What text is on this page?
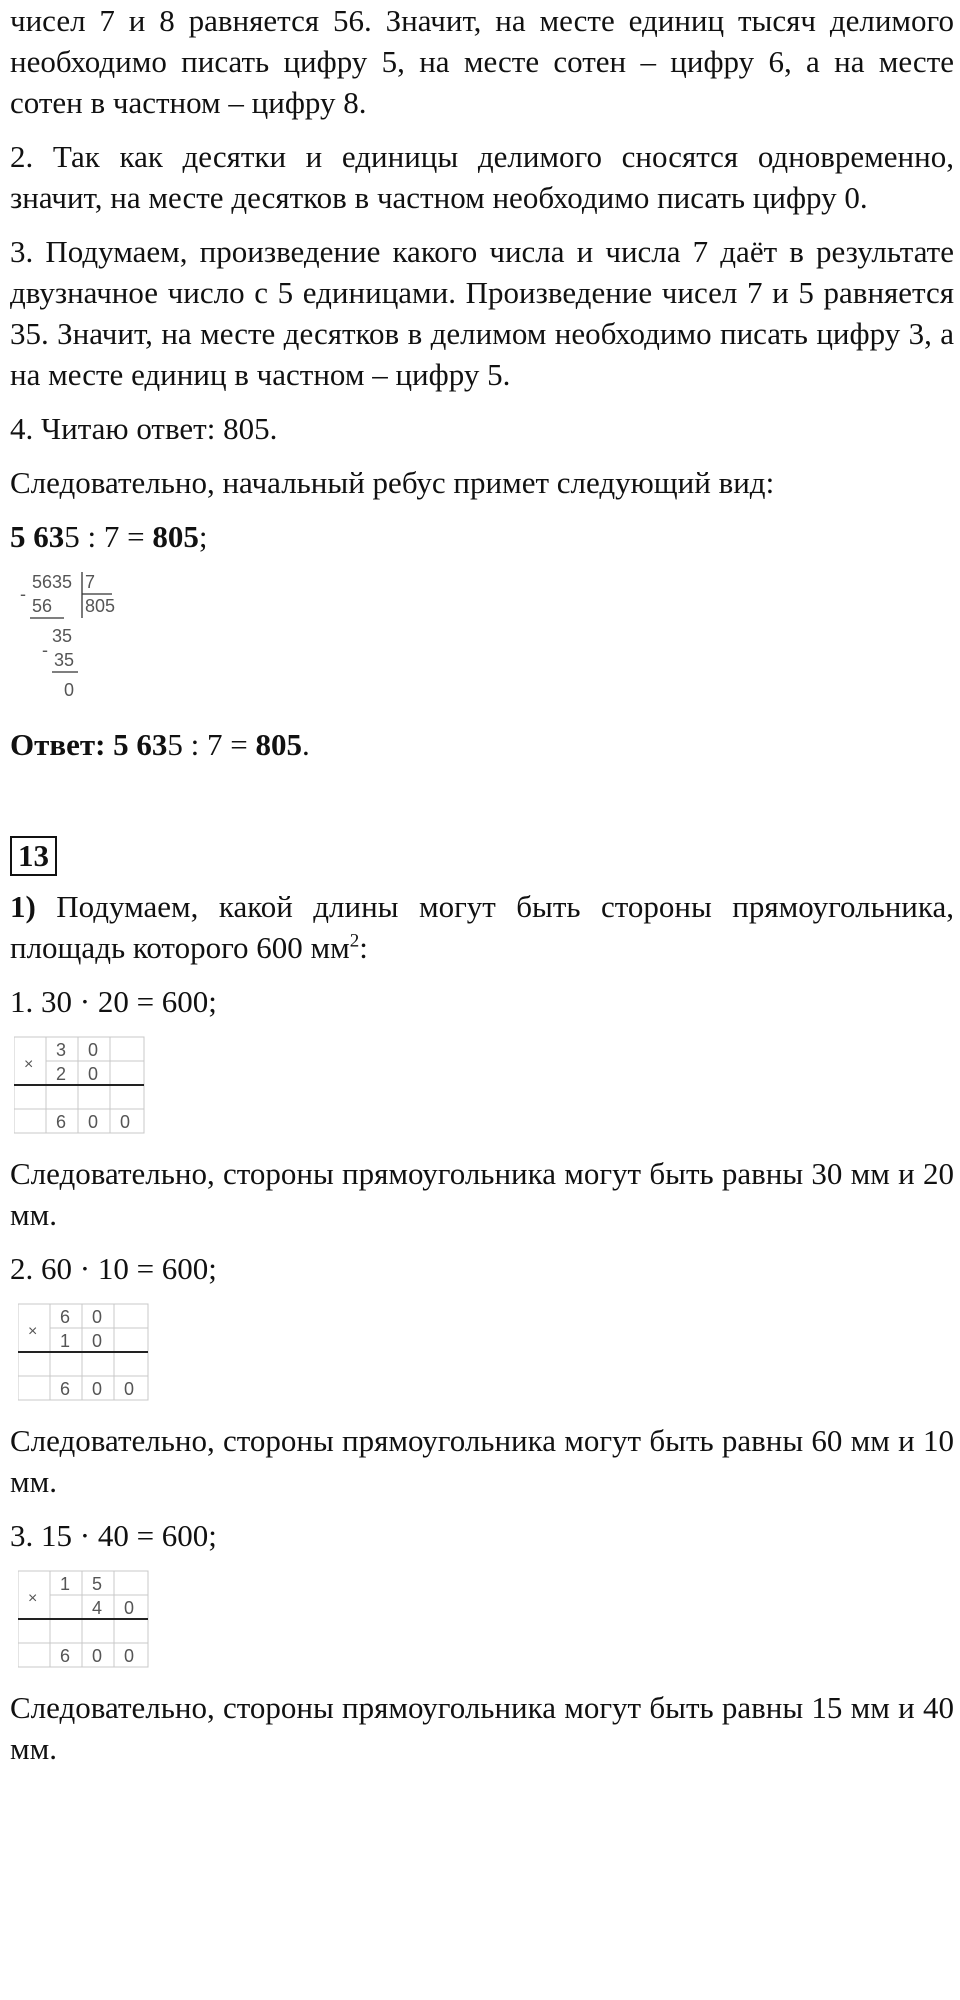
чисел 7 и 8 равняется 56. Значит, на месте единиц тысяч делимого необходимо писать цифру 5, на месте сотен – цифру 6, а на месте сотен в частном – цифру 8.

2. Так как десятки и единицы делимого сносятся одновременно, значит, на месте десятков в частном необходимо писать цифру 0.

3. Подумаем, произведение какого числа и числа 7 даёт в результате двузначное число с 5 единицами. Произведение чисел 7 и 5 равняется 35. Значит, на месте десятков в делимом необходимо писать цифру 3, а на месте единиц в частном – цифру 5.

4. Читаю ответ: 805.

Следовательно, начальный ребус примет следующий вид:

5 635 : 7 = 805;

5635 7
805
-
56
35
- 35
0

Ответ: 5 635 : 7 = 805.

13

1) Подумаем, какой длины могут быть стороны прямоугольника, площадь которого 600 $мм^2$:

1. 30 · 20 = 600;

×
3 0
2 0
6 0 0

Следовательно, стороны прямоугольника могут быть равны 30 мм и 20 мм.

2. 60 · 10 = 600;

×
6 0
1 0
6 0 0

Следовательно, стороны прямоугольника могут быть равны 60 мм и 10 мм.

3. 15 · 40 = 600;

×
1 5
4 0
6 0 0

Следовательно, стороны прямоугольника могут быть равны 15 мм и 40 мм.
